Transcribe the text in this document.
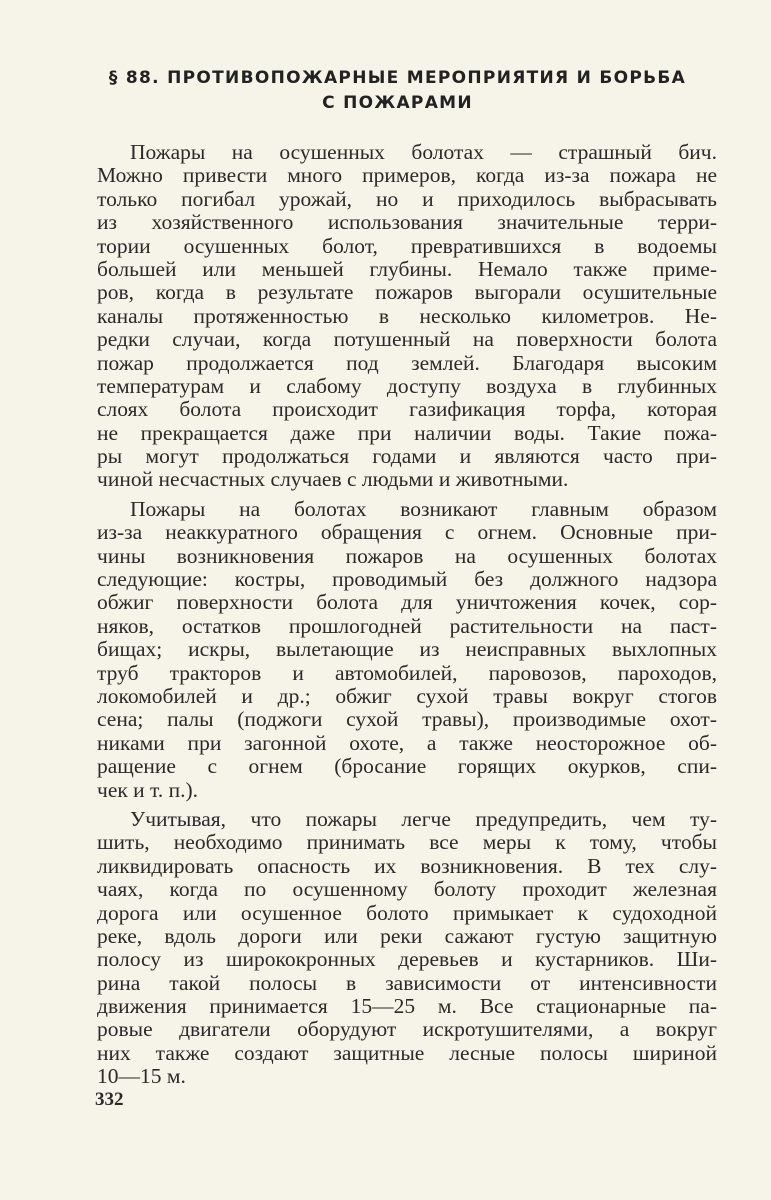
§ 88. ПРОТИВОПОЖАРНЫЕ МЕРОПРИЯТИЯ И БОРЬБА
С ПОЖАРАМИ
Пожары на осушенных болотах — страшный бич.
Можно привести много примеров, когда из-за пожара не
только погибал урожай, но и приходилось выбрасывать
из хозяйственного использования значительные терри-
тории осушенных болот, превратившихся в водоемы
большей или меньшей глубины. Немало также приме-
ров, когда в результате пожаров выгорали осушительные
каналы протяженностью в несколько километров. Не-
редки случаи, когда потушенный на поверхности болота
пожар продолжается под землей. Благодаря высоким
температурам и слабому доступу воздуха в глубинных
слоях болота происходит газификация торфа, которая
не прекращается даже при наличии воды. Такие пожа-
ры могут продолжаться годами и являются часто при-
чиной несчастных случаев с людьми и животными.
Пожары на болотах возникают главным образом
из-за неаккуратного обращения с огнем. Основные при-
чины возникновения пожаров на осушенных болотах
следующие: костры, проводимый без должного надзора
обжиг поверхности болота для уничтожения кочек, сор-
няков, остатков прошлогодней растительности на паст-
бищах; искры, вылетающие из неисправных выхлопных
труб тракторов и автомобилей, паровозов, пароходов,
локомобилей и др.; обжиг сухой травы вокруг стогов
сена; палы (поджоги сухой травы), производимые охот-
никами при загонной охоте, а также неосторожное об-
ращение с огнем (бросание горящих окурков, спи-
чек и т. п.).
Учитывая, что пожары легче предупредить, чем ту-
шить, необходимо принимать все меры к тому, чтобы
ликвидировать опасность их возникновения. В тех слу-
чаях, когда по осушенному болоту проходит железная
дорога или осушенное болото примыкает к судоходной
реке, вдоль дороги или реки сажают густую защитную
полосу из ширококронных деревьев и кустарников. Ши-
рина такой полосы в зависимости от интенсивности
движения принимается 15—25 м. Все стационарные па-
ровые двигатели оборудуют искротушителями, а вокруг
них также создают защитные лесные полосы шириной
10—15 м.
332
